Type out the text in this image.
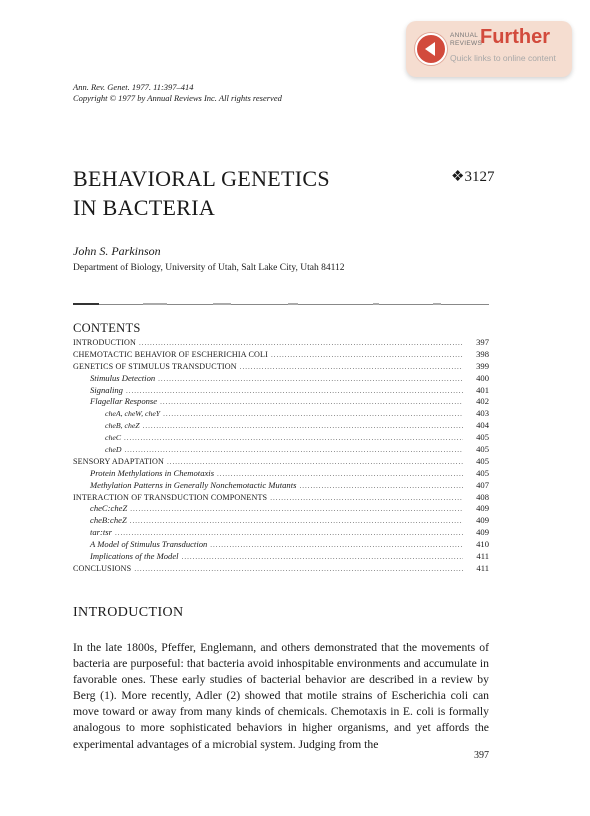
ANNUAL
REVIEWS
Further
Quick links to online content
Ann. Rev. Genet. 1977. 11:397–414
Copyright © 1977 by Annual Reviews Inc. All rights reserved
BEHAVIORAL GENETICS
IN BACTERIA
❖3127
John S. Parkinson
Department of Biology, University of Utah, Salt Lake City, Utah 84112
CONTENTS
INTRODUCTION .....	397
CHEMOTACTIC BEHAVIOR OF ESCHERICHIA COLI .....	398
GENETICS OF STIMULUS TRANSDUCTION .....	399
Stimulus Detection .....	400
Signaling .....	401
Flagellar Response .....	402
cheA, cheW, cheY .....	403
cheB, cheZ .....	404
cheC .....	405
cheD .....	405
SENSORY ADAPTATION .....	405
Protein Methylations in Chemotaxis .....	405
Methylation Patterns in Generally Nonchemotactic Mutants .....	407
INTERACTION OF TRANSDUCTION COMPONENTS .....	408
cheC:cheZ .....	409
cheB:cheZ .....	409
tar:tsr .....	409
A Model of Stimulus Transduction .....	410
Implications of the Model .....	411
CONCLUSIONS .....	411
INTRODUCTION

In the late 1800s, Pfeffer, Englemann, and others demonstrated that the movements of bacteria are purposeful: that bacteria avoid inhospitable environments and accumulate in favorable ones. These early studies of bacterial behavior are described in a review by Berg (1). More recently, Adler (2) showed that motile strains of Escherichia coli can move toward or away from many kinds of chemicals. Chemotaxis in E. coli is formally analogous to more sophisticated behaviors in higher organisms, and yet affords the experimental advantages of a microbial system. Judging from the

397
